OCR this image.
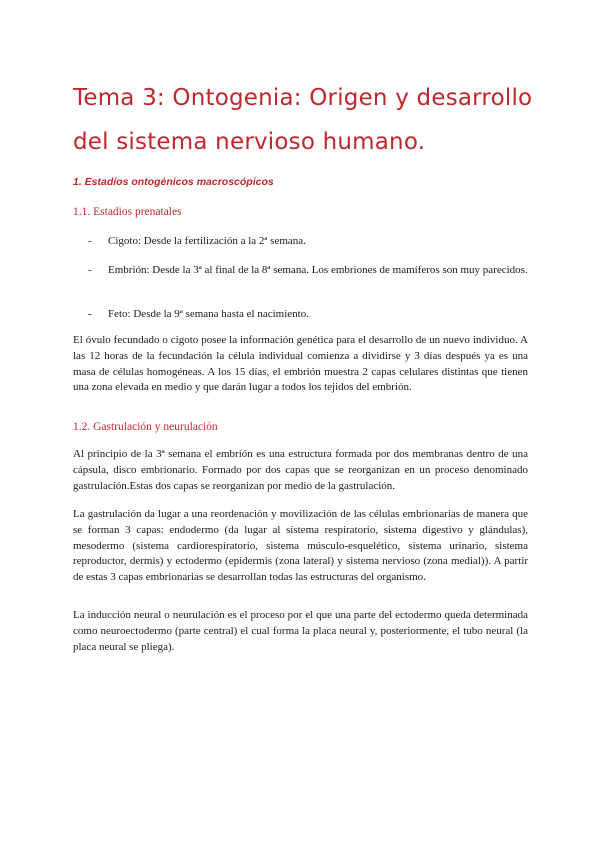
Tema 3: Ontogenia: Origen y desarrollo del sistema nervioso humano.
1. Estadíos ontogénicos macroscópicos
1.1. Estadios prenatales
- Cigoto: Desde la fertilización a la 2ª semana.
- Embrión: Desde la 3ª al final de la 8ª semana. Los embriones de mamíferos son muy parecidos.
- Feto: Desde la 9ª semana hasta el nacimiento.

El óvulo fecundado o cigoto posee la información genética para el desarrollo de un nuevo individuo. A las 12 horas de la fecundación la célula individual comienza a dividirse y 3 días después ya es una masa de células homogéneas. A los 15 días, el embrión muestra 2 capas celulares distintas que tienen una zona elevada en medio y que darán lugar a todos los tejidos del embrión.

1.2. Gastrulación y neurulación

Al principio de la 3ª semana el embrión es una estructura formada por dos membranas dentro de una cápsula, disco embrionario. Formado por dos capas que se reorganizan en un proceso denominado gastrulación.Estas dos capas se reorganizan por medio de la gastrulación.

La gastrulación da lugar a una reordenación y movilización de las células embrionarias de manera que se forman 3 capas: endodermo (da lugar al sistema respiratorio, sistema digestivo y glándulas), mesodermo (sistema cardiorespiratorio, sistema músculo-esquelético, sistema urinario, sistema reproductor, dermis) y ectodermo (epidermis (zona lateral) y sistema nervioso (zona medial)). A partir de estas 3 capas embrionarias se desarrollan todas las estructuras del organismo.

La inducción neural o neurulación es el proceso por el que una parte del ectodermo queda determinada como neuroectodermo (parte central) el cual forma la placa neural y, posteriormente, el tubo neural (la placa neural se pliega).
